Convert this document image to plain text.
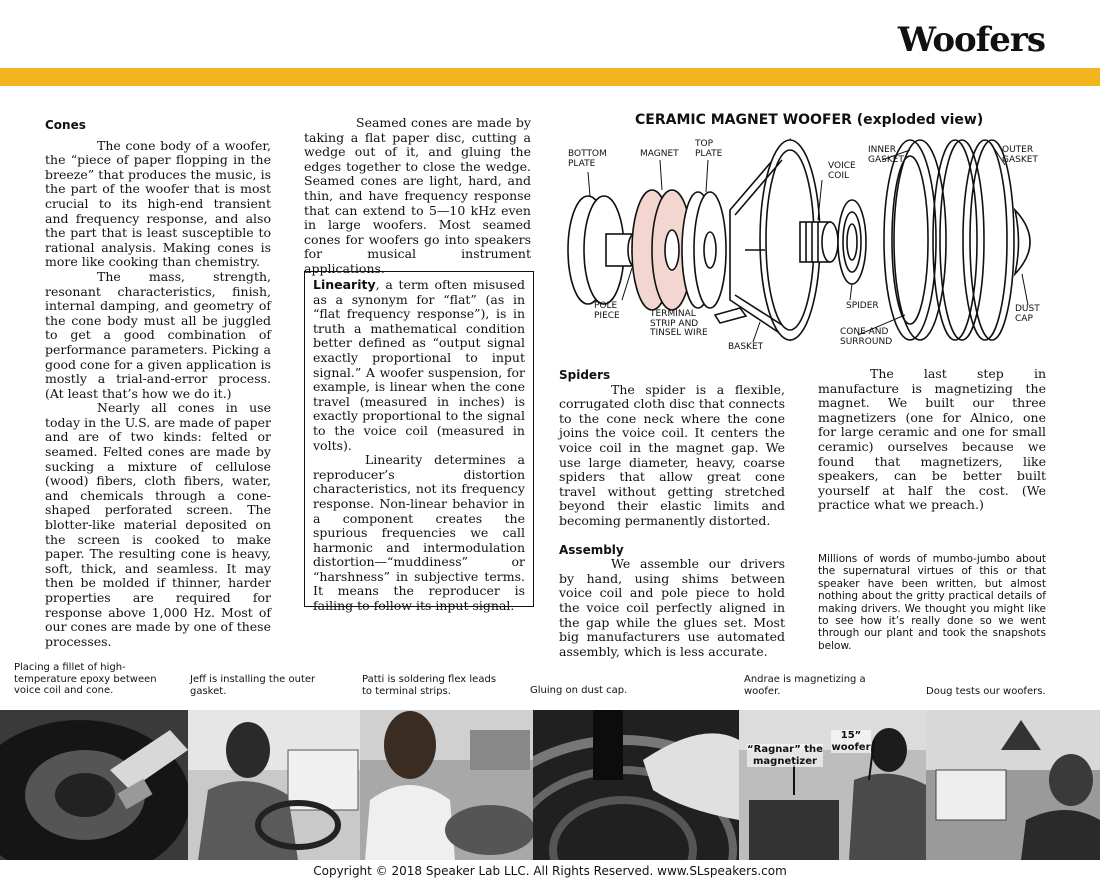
Woofers
Cones

The cone body of a woofer, the “piece of paper flopping in the breeze” that produces the music, is the part of the woofer that is most crucial to its high-end transient and frequency response, and also the part that is least susceptible to rational analysis. Making cones is more like cooking than chemistry.

The mass, strength, resonant characteristics, finish, internal damping, and geometry of the cone body must all be juggled to get a good combination of performance parameters. Picking a good cone for a given application is mostly a trial-and-error process. (At least that’s how we do it.)

Nearly all cones in use today in the U.S. are made of paper and are of two kinds: felted or seamed. Felted cones are made by sucking a mixture of cellulose (wood) fibers, cloth fibers, water, and chemicals through a cone-shaped perforated screen. The blotter-like material deposited on the screen is cooked to make paper. The resulting cone is heavy, soft, thick, and seamless. It may then be molded if thinner, harder properties are required for response above 1,000 Hz. Most of our cones are made by one of these processes.

Seamed cones are made by taking a flat paper disc, cutting a wedge out of it, and gluing the edges together to close the wedge. Seamed cones are light, hard, and thin, and have frequency response that can extend to 5—10 kHz even in large woofers. Most seamed cones for woofers go into speakers for musical instrument applications.

Linearity, a term often misused as a synonym for “flat” (as in “flat frequency response”), is in truth a mathematical condition better defined as “output signal exactly proportional to input signal.” A woofer suspension, for example, is linear when the cone travel (measured in inches) is exactly proportional to the signal to the voice coil (measured in volts).

Linearity determines a reproducer’s distortion characteristics, not its frequency response. Non-linear behavior in a component creates the spurious frequencies we call harmonic and intermodulation distortion—“muddiness” or “harshness” in subjective terms. It means the reproducer is failing to follow its input signal.

CERAMIC MAGNET WOOFER (exploded view)
BOTTOM PLATE
MAGNET
TOP PLATE
VOICE COIL
INNER GASKET
OUTER GASKET
POLE PIECE	TERMINAL STRIP AND TINSEL WIRE
BASKET
SPIDER
CONE AND SURROUND
DUST CAP
Spiders

The spider is a flexible, corrugated cloth disc that connects to the cone neck where the cone joins the voice coil. It centers the voice coil in the magnet gap. We use large diameter, heavy, coarse spiders that allow great cone travel without getting stretched beyond their elastic limits and becoming permanently distorted.

Assembly

We assemble our drivers by hand, using shims between voice coil and pole piece to hold the voice coil perfectly aligned in the gap while the glues set. Most big manufacturers use automated assembly, which is less accurate.

The last step in manufacture is magnetizing the magnet. We built our three magnetizers (one for Alnico, one for large ceramic and one for small ceramic) ourselves because we found that magnetizers, like speakers, can be better built yourself at half the cost. (We practice what we preach.)

Millions of words of mumbo-jumbo about the supernatural virtues of this or that speaker have been written, but almost nothing about the gritty practical details of making drivers. We thought you might like to see how it’s really done so we went through our plant and took the snapshots below.
Placing a fillet of high-temperature epoxy between voice coil and cone.
Jeff is installing the outer gasket.
Patti is soldering flex leads to terminal strips.	Gluing on dust cap.
Andrae is magnetizing a woofer.	Doug tests our woofers.
“Ragnar” the magnetizer
15” woofer
Copyright © 2018 Speaker Lab LLC. All Rights Reserved. www.SLspeakers.com
